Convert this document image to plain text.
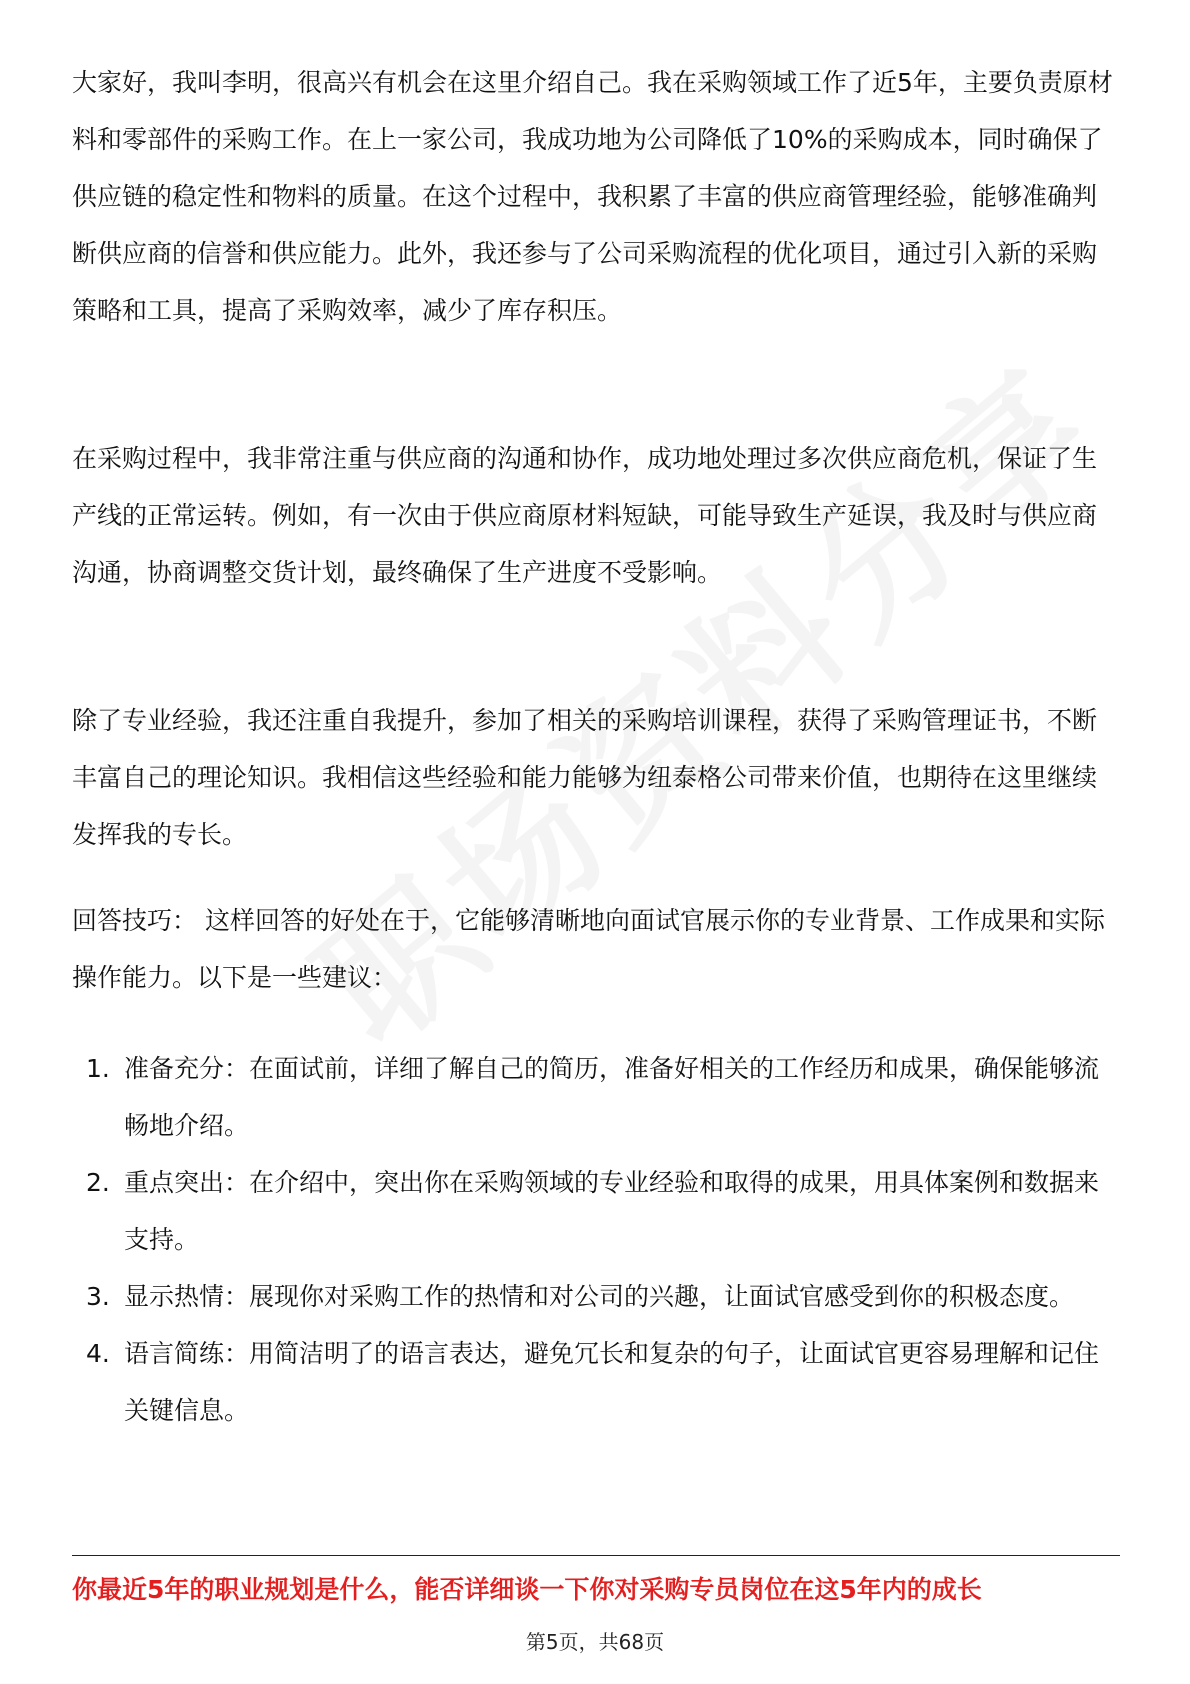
大家好，我叫李明，很高兴有机会在这里介绍自己。我在采购领域工作了近5年，主要负责原材料和零部件的采购工作。在上一家公司，我成功地为公司降低了10%的采购成本，同时确保了供应链的稳定性和物料的质量。在这个过程中，我积累了丰富的供应商管理经验，能够准确判断供应商的信誉和供应能力。此外，我还参与了公司采购流程的优化项目，通过引入新的采购策略和工具，提高了采购效率，减少了库存积压。

在采购过程中，我非常注重与供应商的沟通和协作，成功地处理过多次供应商危机，保证了生产线的正常运转。例如，有一次由于供应商原材料短缺，可能导致生产延误，我及时与供应商沟通，协商调整交货计划，最终确保了生产进度不受影响。

除了专业经验，我还注重自我提升，参加了相关的采购培训课程，获得了采购管理证书，不断丰富自己的理论知识。我相信这些经验和能力能够为纽泰格公司带来价值，也期待在这里继续发挥我的专长。

回答技巧： 这样回答的好处在于，它能够清晰地向面试官展示你的专业背景、工作成果和实际操作能力。以下是一些建议：

1. 准备充分：在面试前，详细了解自己的简历，准备好相关的工作经历和成果，确保能够流畅地介绍。
2. 重点突出：在介绍中，突出你在采购领域的专业经验和取得的成果，用具体案例和数据来支持。
3. 显示热情：展现你对采购工作的热情和对公司的兴趣，让面试官感受到你的积极态度。
4. 语言简练：用简洁明了的语言表达，避免冗长和复杂的句子，让面试官更容易理解和记住关键信息。
你最近5年的职业规划是什么，能否详细谈一下你对采购专员岗位在这5年内的成长
第5页，共68页
